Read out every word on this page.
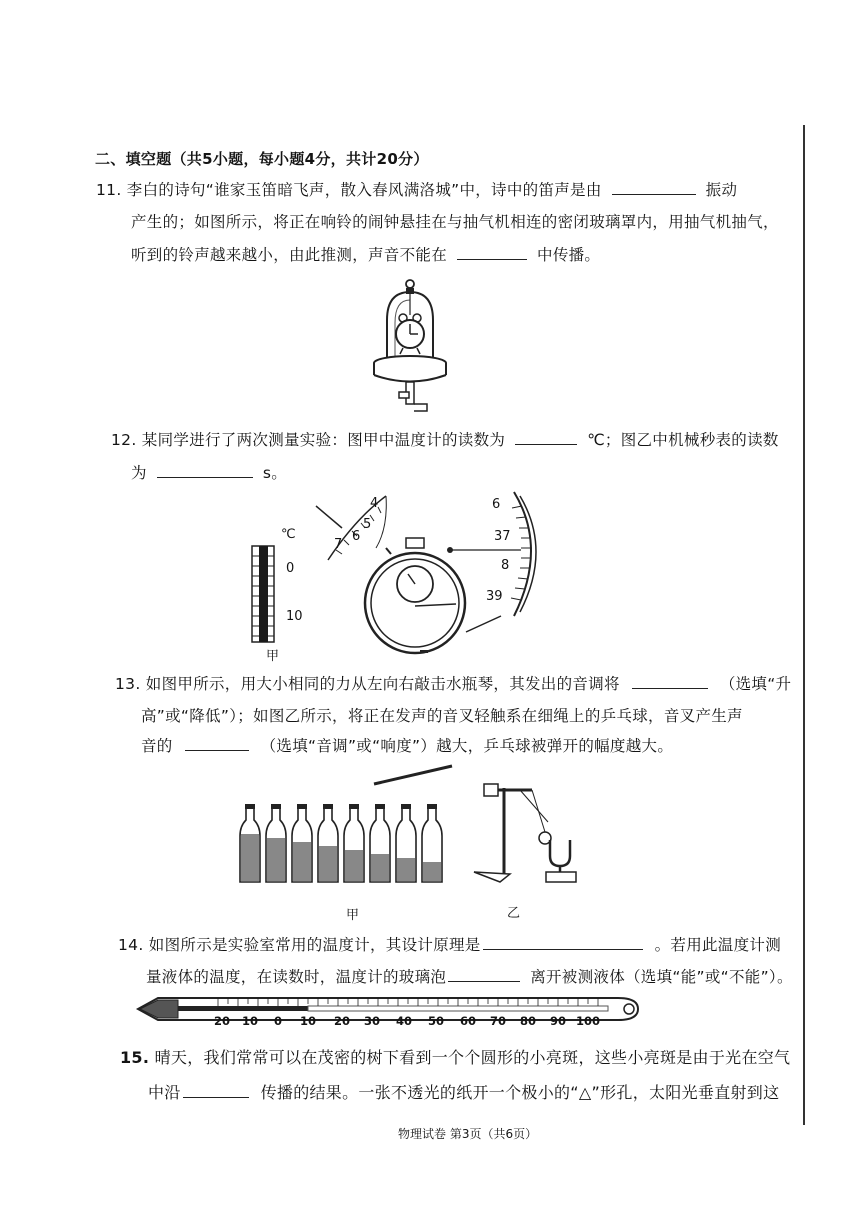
二、填空题（共5小题，每小题4分，共计20分）
11. 李白的诗句“谁家玉笛暗飞声，散入春风满洛城”中，诗中的笛声是由	振动
产生的；如图所示，将正在响铃的闹钟悬挂在与抽气机相连的密闭玻璃罩内，用抽气机抽气，
听到的铃声越来越小，由此推测，声音不能在	中传播。
12. 某同学进行了两次测量实验：图甲中温度计的读数为	℃；图乙中机械秒表的读数
为	s。
℃
0
10
甲
4
5
6
7
6
37
8
39
13. 如图甲所示，用大小相同的力从左向右敲击水瓶琴，其发出的音调将	（选填“升
高”或“降低”）；如图乙所示，将正在发声的音叉轻触系在细绳上的乒乓球，音叉产生声
音的	（选填“音调”或“响度”）越大，乒乓球被弹开的幅度越大。
甲	乙
14. 如图所示是实验室常用的温度计，其设计原理是	。若用此温度计测
量液体的温度，在读数时，温度计的玻璃泡	离开被测液体（选填“能”或“不能”）。
20 10 0 10 20 30 40 50 60 70 80 90 100
15. 晴天，我们常常可以在茂密的树下看到一个个圆形的小亮斑，这些小亮斑是由于光在空气
中沿	传播的结果。一张不透光的纸开一个极小的“△”形孔，太阳光垂直射到这
物理试卷 第3页（共6页）
